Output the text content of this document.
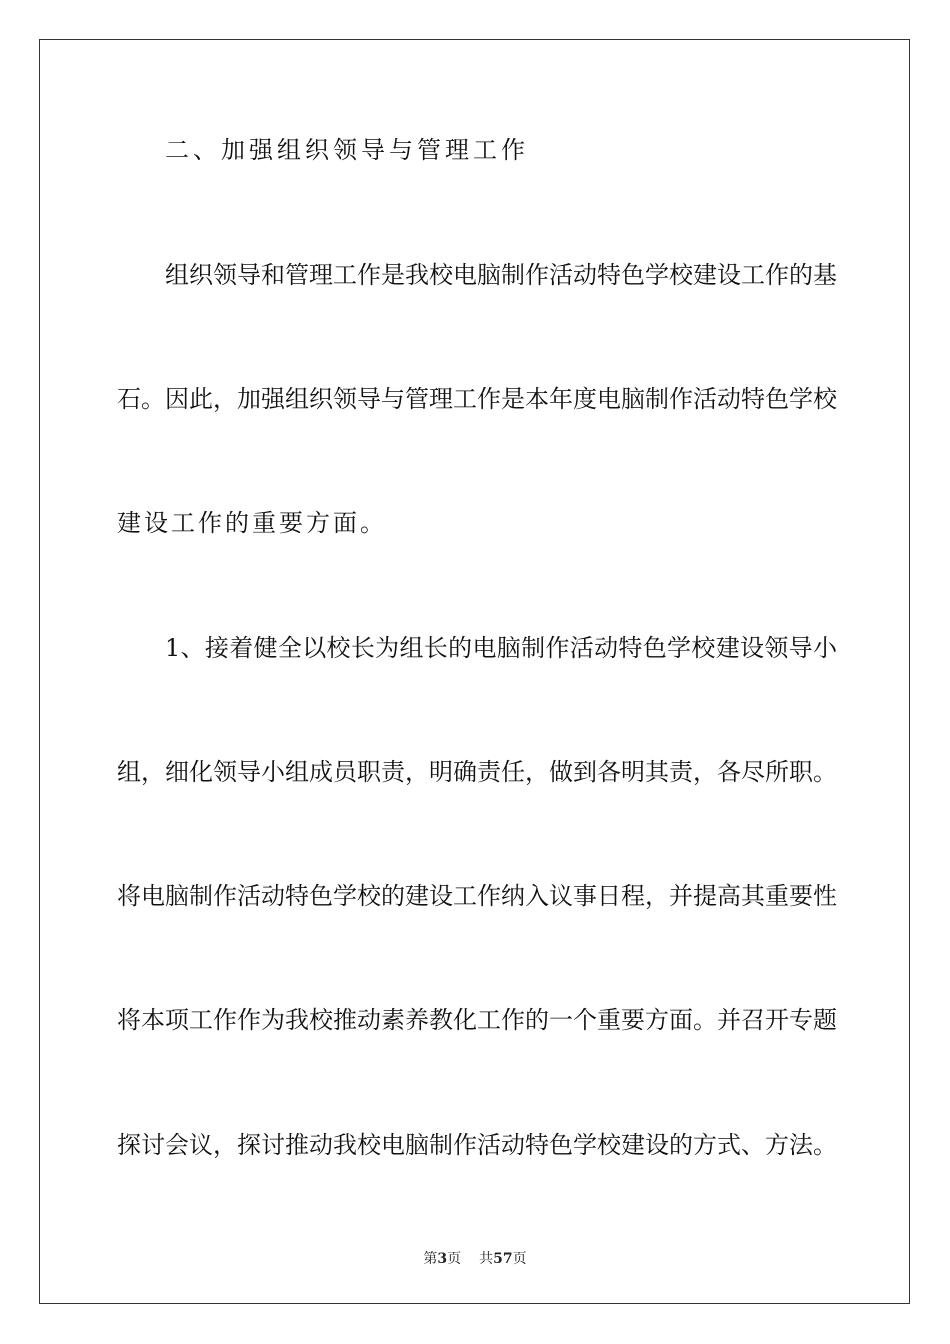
二、加强组织领导与管理工作
组织领导和管理工作是我校电脑制作活动特色学校建设工作的基
石。因此，加强组织领导与管理工作是本年度电脑制作活动特色学校
建设工作的重要方面。
1、接着健全以校长为组长的电脑制作活动特色学校建设领导小
组，细化领导小组成员职责，明确责任，做到各明其责，各尽所职。
将电脑制作活动特色学校的建设工作纳入议事日程，并提高其重要性
将本项工作作为我校推动素养教化工作的一个重要方面。并召开专题
探讨会议，探讨推动我校电脑制作活动特色学校建设的方式、方法。
第3页 共57页
